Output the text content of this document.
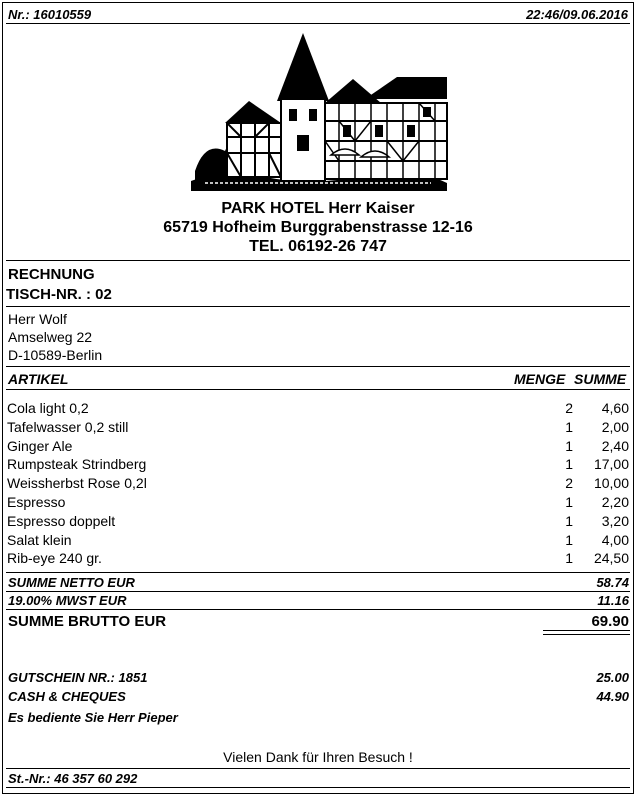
Nr.: 16010559	22:46/09.06.2016
PARK HOTEL Herr Kaiser
65719 Hofheim Burggrabenstrasse 12-16
TEL. 06192-26 747
RECHNUNG
TISCH-NR. : 02
Herr Wolf
Amselweg 22
D-10589-Berlin
ARTIKEL	MENGE SUMME
Cola light 0,2	2	4,60
Tafelwasser 0,2 still	1	2,00
Ginger Ale	1	2,40
Rumpsteak Strindberg	1	17,00
Weissherbst Rose 0,2l	2	10,00
Espresso	1	2,20
Espresso doppelt	1	3,20
Salat klein	1	4,00
Rib-eye 240 gr.	1	24,50
SUMME NETTO EUR	58.74
19.00% MWST EUR	11.16
SUMME BRUTTO EUR	69.90
GUTSCHEIN NR.: 1851	25.00
CASH & CHEQUES	44.90
Es bediente Sie Herr Pieper
Vielen Dank für Ihren Besuch !
St.-Nr.: 46 357 60 292
